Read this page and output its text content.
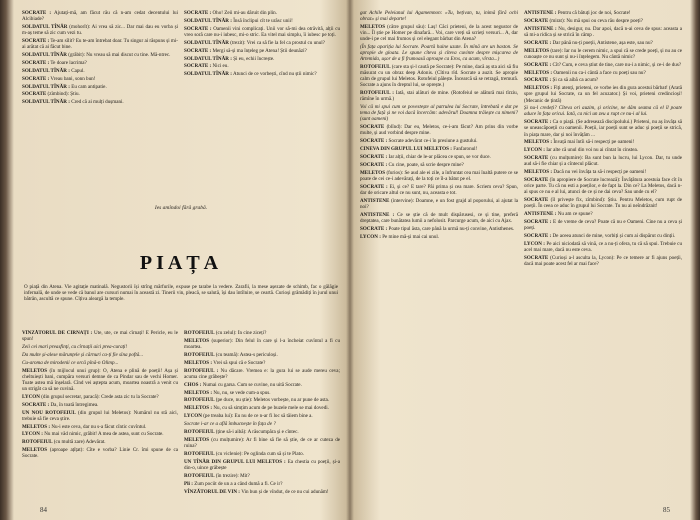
SOCRATE : Ajutați-mă, am făcut rău că n-am cedat decentului lui Alcibiade?

SOLDATUL TÎNĂR (mohorît): Ai vrea să zic... Dar mai dau eu vorba și m-aș teme să zic cum vezi tu.

SOCRATE : Te-am sîlit? Eu te-am întrebat doar. Tu singur ai răspuns și mi-ai arătat că ai făcut bine.

SOLDATUL TÎNĂR (grăbit): Nu vreau să mai discut cu tine. Mă-ntrec.

SOCRATE : Te doare lacrima?

SOLDATUL TÎNĂR : Capul.

SOCRATE : Vreau bani, sonn bun!

SOLDATUL TÎNĂR : Eu cam antipatie.

SOCRATE (zîmbind): Știu.

SOLDATUL TÎNĂR : Cred că ai mulți dușmani.

SOCRATE : Oho! Zeii mi-au dăruit din plin.

SOLDATUL TÎNĂR : Însă înclipui cît te urăsc unii!

SOCRATE : Oamenii vini complicați. Unii vor să-mi dea otrăvită, alții cu vreo soră care nu-i iubesc, mi-o stric. Ea vitel mai simplu, îi iubesc pe toți.

SOLDATUL TÎNĂR (trezit): Vrei ca să fie la fel ca prostul cu unul?

SOCRATE : Mergi să-și ma înțeleg pe Atena! Știi deunăzi?

SOLDATUL TÎNĂR : Și eu, echii încrește.

SOCRATE : Nici eu.

SOLDATUL TÎNĂR : Atunci de ce vorbești, cînd nu știi nimic?

Ies amîndoi fără grabă.
PIAȚA
O piață din Atena. Vie agitație matinală. Negustorii își strîng mărfurile, expuse pe tarabe la vedere. Zarafii, la mese așezate de schimb, fac o gălăgie infernală, de unde se vede că banul are cursuri numai în această zi. Tinerii vin, pleacă, se salută, își dau întîlnire, se ceartă. Curioși grămădiți în jurul unui bătrân, ascultă ce spune. Cîțiva aleargă la temple.

VÎNZĂTORUL DE CIRNAȚI : Ute, ute, ce mai cîrnați! E Pericle, eu le spun!

Zeii cei mari preasfinți, cu cîrnații aici prea-curați!

Da multe și-alese mărunțele și cărnuri ca-ți fie sîna poftă...

Cu-aroma de mirodenii ce orcă pînă-n Olimp...

MELETOS (în mijlocul unui grup): O, Atena e plină de poeții! Așa și cheltuiești bani, cumpăra versuri demne de ca Pindar sau de vechi Homer. Toate astea mă înșelară. Cînd vei aștepta acum, moartea noastră a venit cu un strigăt ca să ne cuvină.

LYCON (din grupul secretar, paracă): Crede asta zic tu la Socrate?

SOCRATE : Da, în toată întregimea.

UN NOU ROTOFEIUL (din grupul lui Meletos): Numărul nu stă aici, trebuie să fie ceva știre.

MELETOS : Nu-i este ceva, dar nu s-a făcut cîntic cuvîntul.

LYCON : Nu mai văd nimic, grăbit! A mea de astea, sunt cu Socrate.

ROTOFEIUL (cu multă zare) Adevărat.

MELETOS (aproape ațîțat): Cîte e vorba? Linie Cr. îmi spune de ca Socrate.

ROTOFEIUL (cu zelul): În cine ziceți?

MELETOS (superior): Din felul în care și l-a încheiat cuvîntul a fi cu moartea.

ROTOFEIUL (cu teamă): Astea-s periculoși.

MELETOS : Vrei să spui că e Socrate?

ROTOFEIUL : Nu dăcare. Vremea e: la gura lui se aude mereu ceva; acuma cine grăbește?

CHOS : Numai cu garsa. Cum se cuvine, nu uită Socrate.

MELETOS : Nu, nu, se vede cum-a spus.

ROTOFEIUL (pe duce, nu știe): Meletos vorbește, nu ar pune de asta.

MELETOS : Nu, cu să simțim acum de pe buzele mele se mai dovedi.

LYCON (pe treaba lui): Eu nu de ce n-ar fi loc să tăiem bine a.

Socrate i-ar ce a află îmbucnește în fața de ?

ROTOFEIUL (ține să-i aibă): A răscumpăra și e cîntec.

MELETOS (cu mulțumire): Ar fi bine să fie să știe, de ce ar cuteza de ruina?

ROTOFEIUL (cu viclenie): Pe oglinda cum să și te Plato.

UN TÎNĂR DIN GRUPUL LUI MELETOS : Ea chestia cu poeții, și-a din-o, uince grăbește

ROTOFEIUL (în trezire): Mit?

Pli : Zum pociit de un a a când dumă a fi. Ce ir?

VÎNZĂTORUL DE VIN : Vin bun și de vîndut, de ce nu cui adunăm!

gat Achile Peleianul lui Agamemnon: «Tu, bețivan, tu, inimă fără ochi obraz» și mai departe!

MELETOS (către grupul său): Laș! Căci prieteni, de la acest negustor de vin... Îl știe pe Homer pe dinafară... Voi, care vreți să scrieți versuri... A, dar unde-i pe cel mai frumos și cel elegant bărbat din Atena?

(În fața apariția lui Socrate. Poartă haine uzate. În mînă are un baston. Se apropie de gloata. Le spune cîteva și cîteva cuvinte despre mișcarea de Artemida, ușor de a fi frumoasă aproape ca Eros, ca acum, vîrsta...)

ROTOFEIUL (care sta și-l caută pe Socrate): Pe mine, dacă aș sta aici să fiu măsurat cu un obraz deep Adonis. (Cîtiva rîd. Socrate a auzit. Se apropie calm de grupul lui Meletos. Rotofeiul pălește. Încearcă să se retragă, tremură. Socrate a ajuns în dreptul lui, se oprește.)

ROTOFEIUL : Iată, stai alături de mine. (Rotofeiul se alătură mai tîrziu, rămîne în urmă.)

Voi că mi spui cum se povestește al patrulea lui Socrate, întrebată e dat pe tema de față și ne voi dacă încercăm: adevărul! Doamna trăiește ca nimeni? (sunt oameni)

SOCRATE (blînd): Dar eu, Meletos, ce-i-am făcut? Am prins din vorbe multe, și aud vorbind despre mine.

SOCRATE : Socrate adevărat ce-i în presiune a gustului.

CINEVA DIN GRUPUL LUI MELETOS : Fanfaronul!

SOCRATE : Iar alții, chiar de le-ar plăcea ce spun, se vor duce.

SOCRATE : Cu cine, poate, să scrie despre mine?

MELETOS (furios): Se aud ale ei zile, a înfruntat cea mai înaltă putere ce se poate de cei ce-i adevărați, de la toți ce îl-a bătut pe el.

SOCRATE : Ei, și ce? E tare? Păi prima și cea mare. Scriem ceva? Spun, dar de oricare altul ce nu sunt, nu, aceasta e tot.

ANTISTENE (intervine): Doamne, e un fost grajd al poporului, ai ajutat la noi?

ANTISTENE : Ce se știe că de mult dispărusesi, ce și tine, preferă dreptatea, care bunătatea lumii a nefolosit. Parcurge acum, de aici cu Ajax.

SOCRATE : Poate tipul ăsta, care până la urmă nu-ți convine, Antisthenes.

LYCON : Pe mine mă-și mai cai unul.

ANTISTENE : Pentru că bătuți joc de noi, Socrate!

SOCRATE (mirat): Nu mă spui ou ceva rău despre poeți?

ANTISTENE : Nu, desigur, nu. Dar apoi, dacă n-ai ceva de spus: aceasta a să mi-a ridica și se strică în câmp .

SOCRATE : Dar până nu-ți poeții, Antistene, așa este, sau nu?

MELETOS (tare): Iar nu le cerem nimic, a spui că se crede poeți, și nu au ce cunoaște ce nu sunt și nu-i înțelegem. Nu cântă nimic?

SOCRATE : Cît? Cum, e ceva știut de tine, care nu-i a nimic, și ce-i de dus?

MELETOS : Oamenii nu ca-i cântă a face cu poeți sau nu?

SOCRATE : Și ca să aibă ca acum?

MELETOS : Fiți atenți, prieteni, ce vorbe ies din gura acestui bărbat! (Arată spre grupul lui Socrate, ca un fel acuzator.) Și voi, prieteni credincioși! (Mecanic de țintă)

Și nu-l credeți? Cîteva ori auzim, și oricine, ne dăm seama că el îl poate aduce în fața oricui. Iată, ca nici un zeu a rupt ce nu-i al lui.

SOCRATE : Ca o piață. (Se adresează discipolului.) Prieteni, nu aș învăța să se uneascăpoeții cu oamenii. Poeții, iar poeții sunt se aduc și poeții se strică, în piața mare, dar și noi învățăm ...

MELETOS : Învață mai întîi să-i respecți pe oameni!

LYCON : Iar alte că unul din voi nu ai cîntat în cinstea.

SOCRATE (cu mulțumire): Ba sunt bun la lucru, lui Lycon. Dar, tu unde aud să-i fie chiar și a cîntecul plăcut.

MELETOS : Dacă nu vei învăța ta să-i respecți pe oameni!

SOCRATE (în apropiere de Socrate lucrează): Învățătura acestuia face cît în orice parte. Tu că nu esti a poeților, e de fapt la. Din ce? La Meletos, dacă n-ai spus ce nu e al lui, atunci de ce și ne dai ceva? Sau unde cu el?

SOCRATE (îl privește fix, zîmbind): Știu. Pentru Meletos, cum rupt de poeții. În ceea ce aduc în grupul lui Socrate. Tu nu ai neîndrăznit!

ANTISTENE : Nu am ce spune?

SOCRATE : E de vreme de ceva? Poate că nu e Oameni. Cine nu a ceva și poeți.

SOCRATE : De aceea atunci de mine, vorbiți și cum ai dispărut cu dinții.

LYCON : Pe aici niciodată să vină, ce a nu-ți ofera, tu că să spui. Trebuie cu acel mai mare, dacă nu este ceva.

SOCRATE (Curioși a-l asculta la, Lycon): Pe ce temere ar fi ajuns poeții, dacă mai poate acest fel ar mai face?

84	85
